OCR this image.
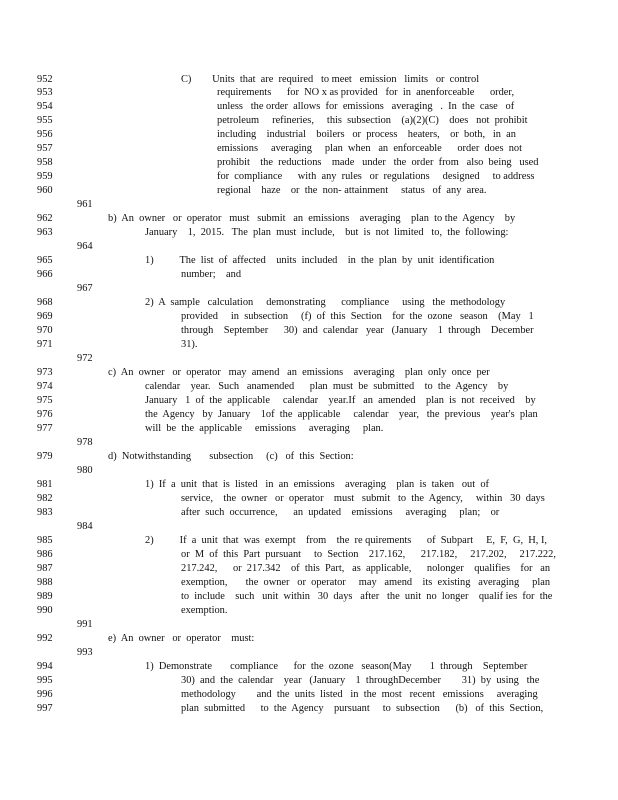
952	C)        Units  that  are  required   to meet   emission   limits   or  control
953	requirements      for  NO x as provided   for  in  anenforceable      order,
954	unless   the order  allows  for  emissions   averaging   .  In  the  case   of
955	petroleum     refineries,     this  subsection    (a)(2)(C)    does   not  prohibit
956	including    industrial    boilers   or  process    heaters,    or  both,   in  an
957	emissions     averaging     plan  when   an  enforceable      order  does  not
958	prohibit    the  reductions    made   under   the  order  from   also  being   used
959	for  compliance      with  any  rules   or  regulations     designed     to address
960	regional    haze    or  the  non- attainment     status   of  any  area.
961
962	b)  An  owner   or  operator   must   submit   an  emissions    averaging    plan  to the  Agency    by
963	January    1,  2015.   The  plan  must  include,    but  is  not  limited   to,  the  following:
964
965	1)          The  list  of  affected    units  included    in  the  plan  by  unit  identification
966	number;    and
967
968	2)  A  sample   calculation     demonstrating      compliance     using   the  methodology
969	provided     in  subsection     (f)  of  this  Section    for  the  ozone   season    (May   1
970	through    September      30)  and  calendar   year   (January    1  through    December
971	31).
972
973	c)  An  owner   or  operator   may  amend   an  emissions    averaging    plan  only  once  per
974	calendar    year.   Such   anamended      plan  must  be  submitted    to  the  Agency    by
975	January   1  of  the  applicable     calendar    year.If   an  amended    plan  is  not  received    by
976	the  Agency   by  January    1of  the  applicable     calendar    year,   the  previous    year's  plan
977	will  be  the  applicable     emissions     averaging     plan.
978
979	d)  Notwithstanding       subsection     (c)   of  this  Section:
980
981	1)  If  a  unit  that  is  listed   in  an  emissions    averaging    plan  is  taken   out  of
982	service,    the  owner   or  operator    must   submit   to  the  Agency,     within   30  days
983	after  such  occurrence,      an  updated    emissions     averaging     plan;    or
984
985	2)          If  a  unit  that  was  exempt    from    the  re quirements      of  Subpart     E,  F,  G,  H, I,
986	or  M  of  this  Part  pursuant     to  Section    217.162,      217.182,     217.202,     217.222,
987	217.242,      or  217.342    of  this  Part,   as  applicable,      nolonger    qualifies    for   an
988	exemption,       the  owner   or  operator     may   amend    its  existing   averaging     plan
989	to  include    such   unit  within   30  days   after   the  unit  no  longer    qualif ies  for  the
990	exemption.
991
992	e)  An  owner   or  operator    must:
993
994	1)  Demonstrate       compliance      for  the  ozone   season(May       1  through    September
995	30)  and  the  calendar    year   (January    1  throughDecember        31)  by  using   the
996	methodology        and  the  units  listed   in  the  most   recent   emissions     averaging
997	plan  submitted      to  the  Agency    pursuant     to  subsection      (b)   of  this  Section,
